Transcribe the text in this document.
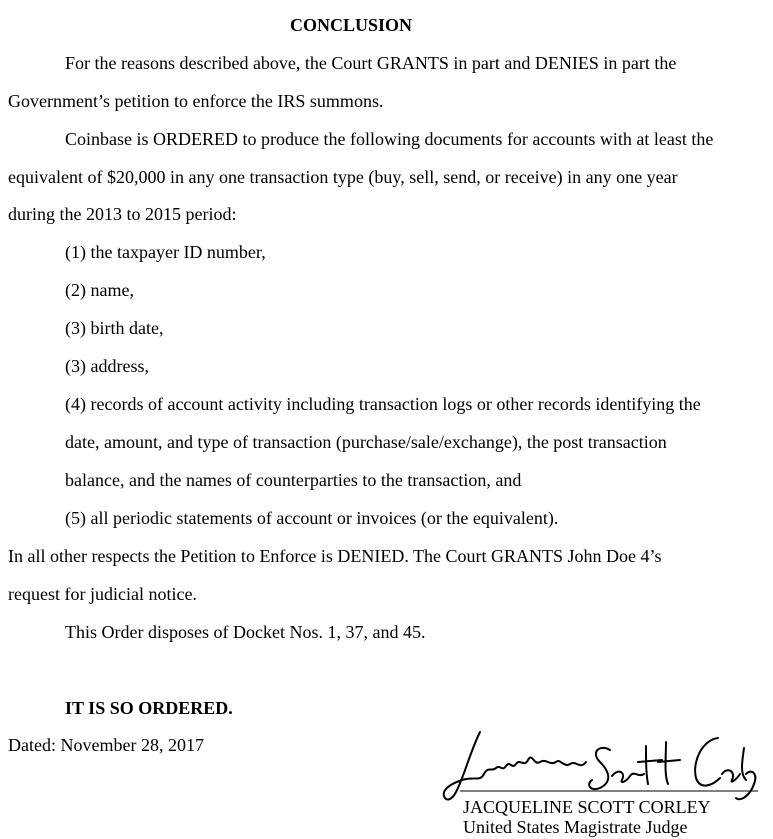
CONCLUSION
For the reasons described above, the Court GRANTS in part and DENIES in part the
Government’s petition to enforce the IRS summons.
Coinbase is ORDERED to produce the following documents for accounts with at least the
equivalent of $20,000 in any one transaction type (buy, sell, send, or receive) in any one year
during the 2013 to 2015 period:
(1) the taxpayer ID number,
(2) name,
(3) birth date,
(3) address,
(4) records of account activity including transaction logs or other records identifying the
date, amount, and type of transaction (purchase/sale/exchange), the post transaction
balance, and the names of counterparties to the transaction, and
(5) all periodic statements of account or invoices (or the equivalent).
In all other respects the Petition to Enforce is DENIED. The Court GRANTS John Doe 4’s
request for judicial notice.
This Order disposes of Docket Nos. 1, 37, and 45.
IT IS SO ORDERED.
Dated: November 28, 2017
JACQUELINE SCOTT CORLEY
United States Magistrate Judge
